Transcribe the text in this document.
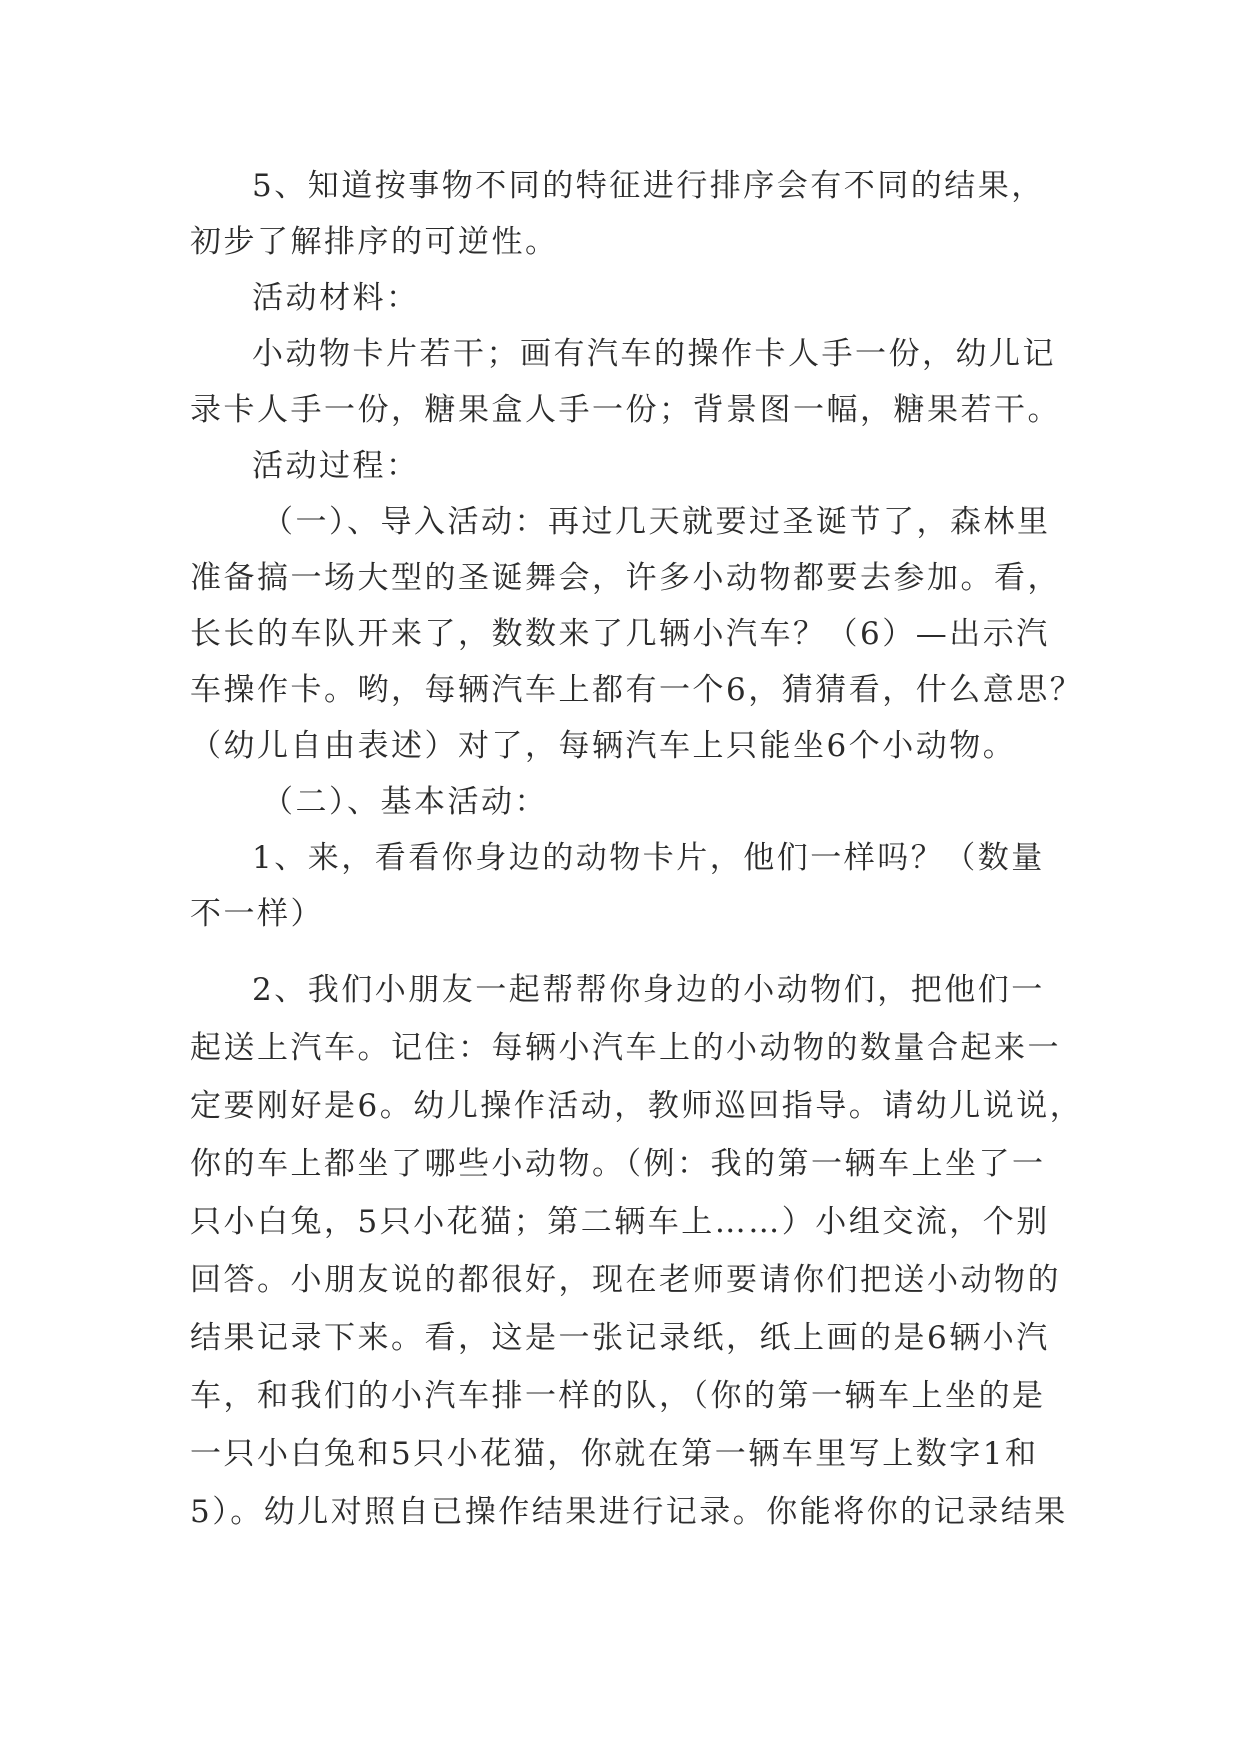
5、知道按事物不同的特征进行排序会有不同的结果，
初步了解排序的可逆性。
活动材料：
小动物卡片若干；画有汽车的操作卡人手一份，幼儿记
录卡人手一份，糖果盒人手一份；背景图一幅，糖果若干。
活动过程：
（一）、导入活动：再过几天就要过圣诞节了，森林里
准备搞一场大型的圣诞舞会，许多小动物都要去参加。看，
长长的车队开来了，数数来了几辆小汽车？（6）—出示汽
车操作卡。哟，每辆汽车上都有一个6，猜猜看，什么意思？
（幼儿自由表述）对了，每辆汽车上只能坐6个小动物。
（二）、基本活动：
1、来，看看你身边的动物卡片，他们一样吗？（数量
不一样）
2、我们小朋友一起帮帮你身边的小动物们，把他们一
起送上汽车。记住：每辆小汽车上的小动物的数量合起来一
定要刚好是6。幼儿操作活动，教师巡回指导。请幼儿说说，
你的车上都坐了哪些小动物。（例：我的第一辆车上坐了一
只小白兔，5只小花猫；第二辆车上……）小组交流，个别
回答。小朋友说的都很好，现在老师要请你们把送小动物的
结果记录下来。看，这是一张记录纸，纸上画的是6辆小汽
车，和我们的小汽车排一样的队，（你的第一辆车上坐的是
一只小白兔和5只小花猫，你就在第一辆车里写上数字1和
5）。幼儿对照自已操作结果进行记录。你能将你的记录结果
